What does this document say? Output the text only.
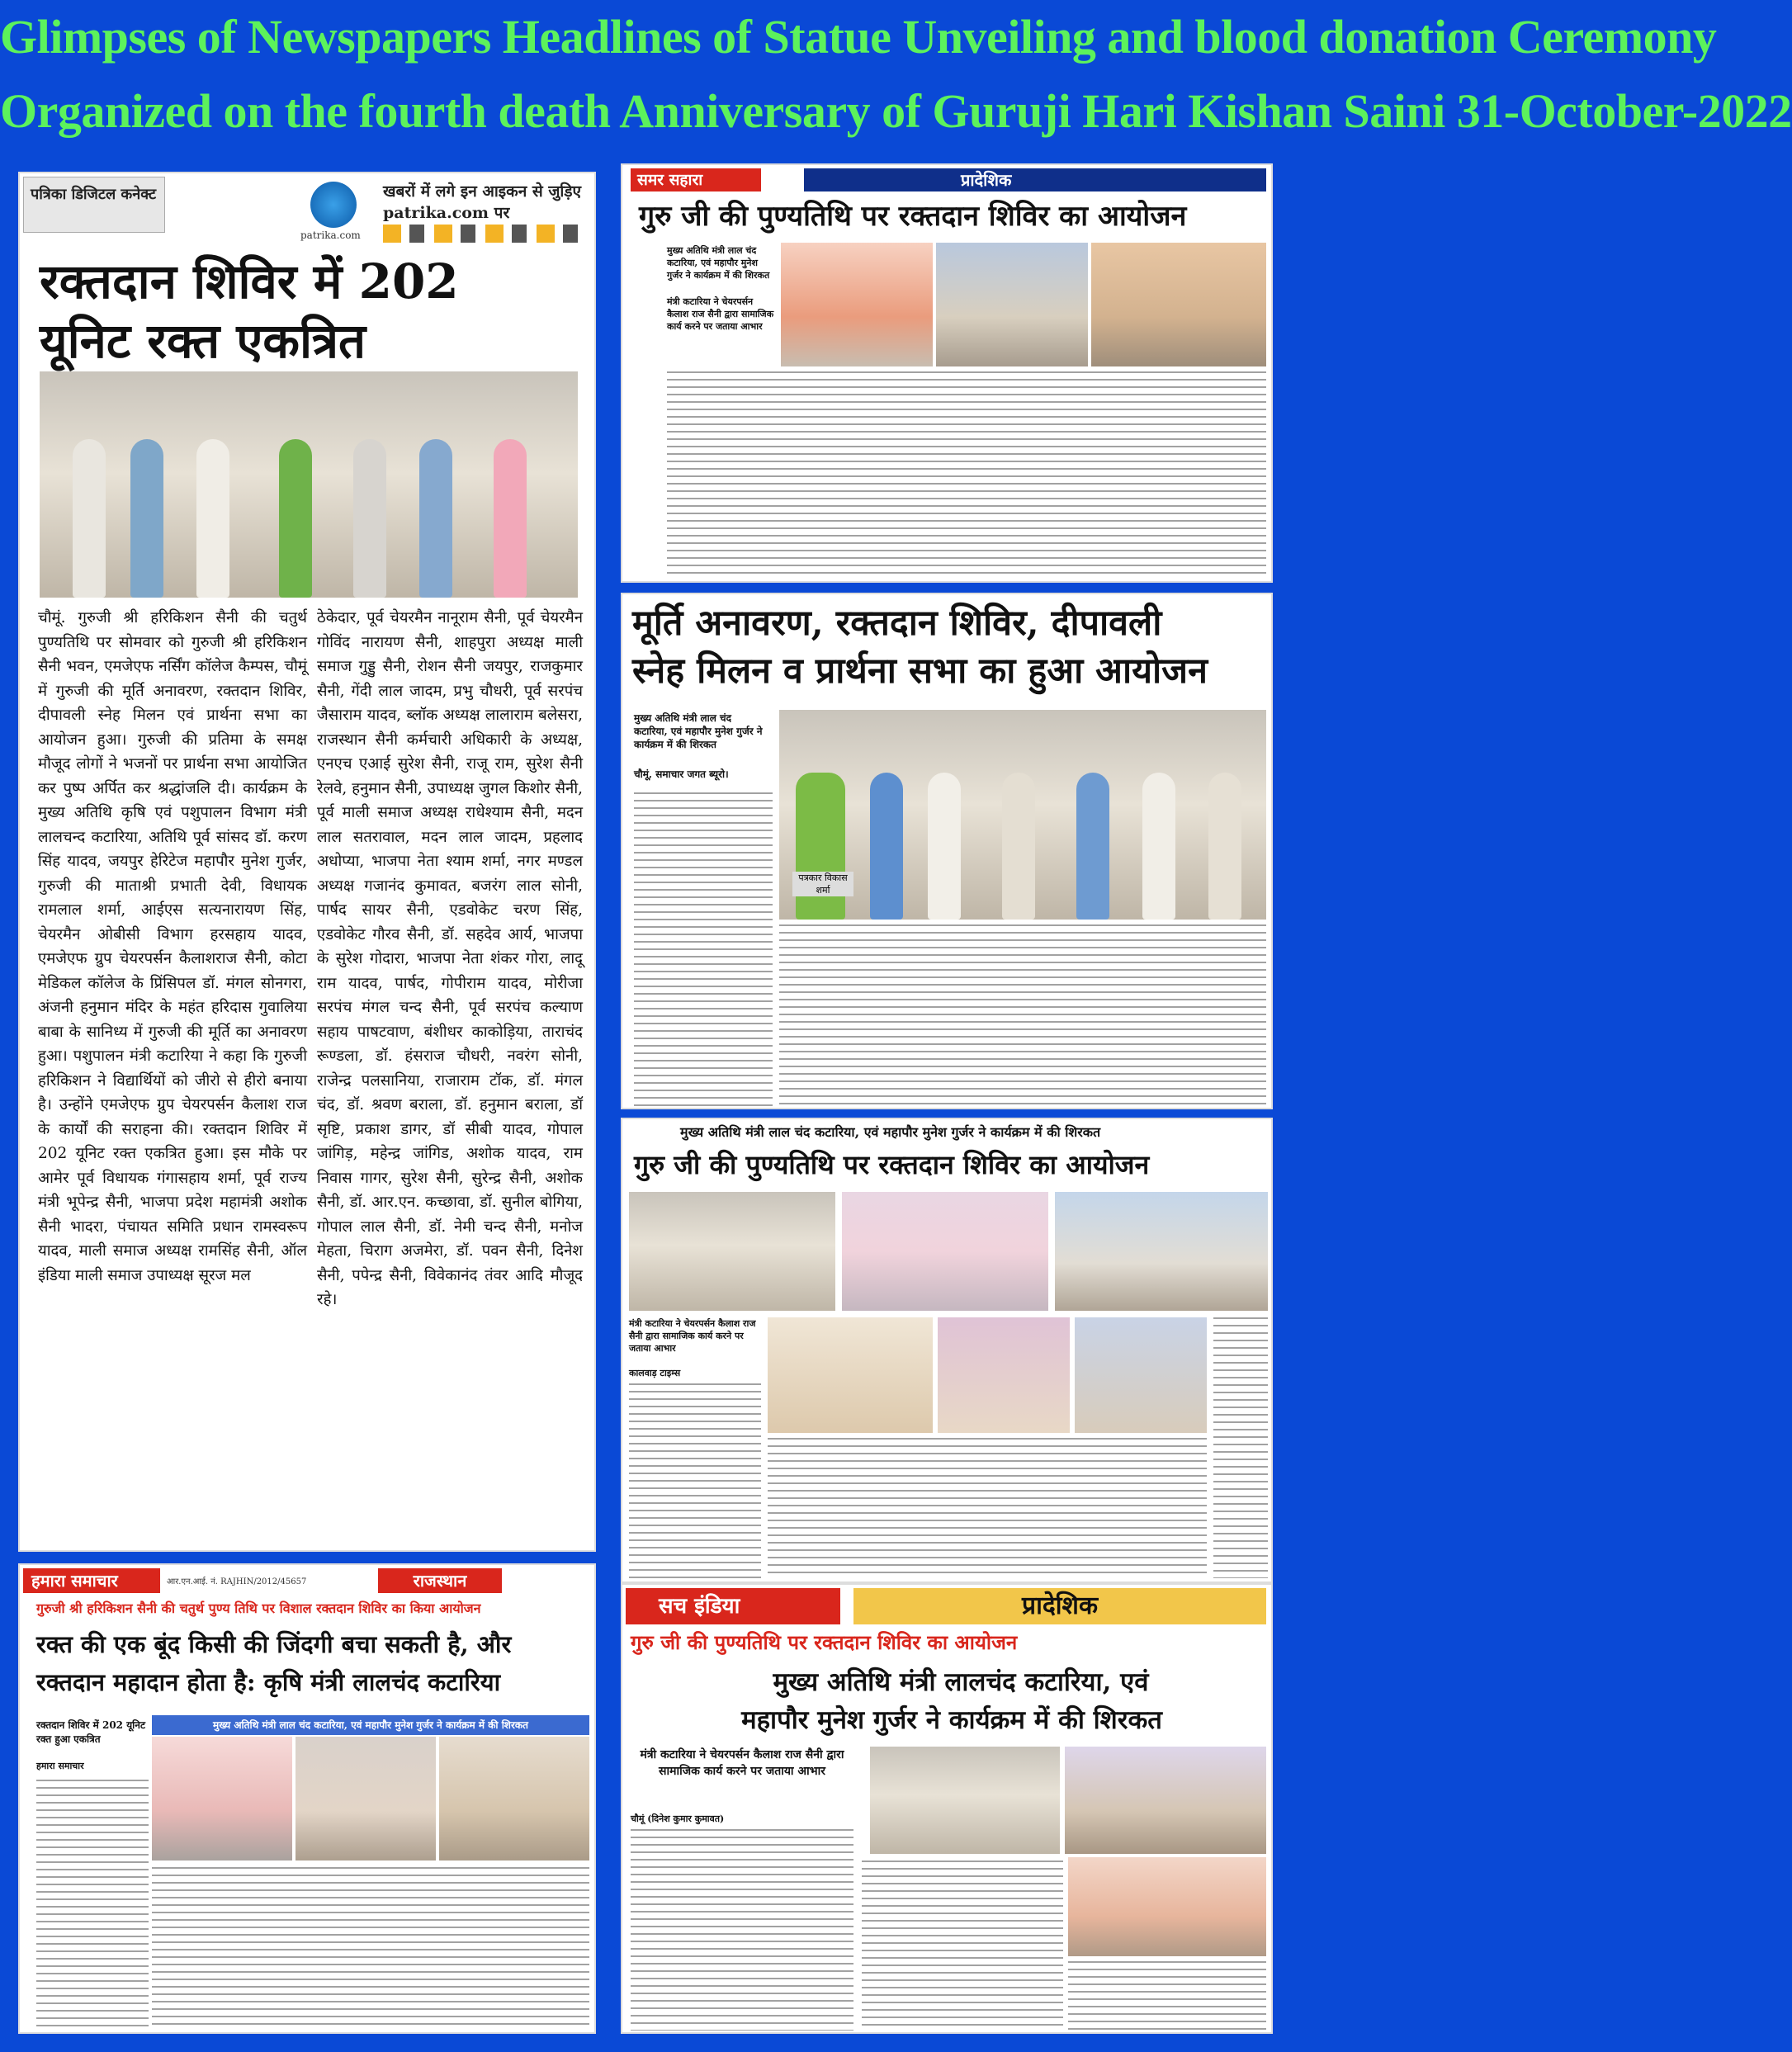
Glimpses of Newspapers Headlines of Statue Unveiling and blood donation Ceremony
Organized on the fourth death Anniversary of Guruji Hari Kishan Saini 31-October-2022
पत्रिका डिजिटल कनेक्ट
patrika.com
खबरों में लगे इन आइकन से जुड़िए
patrika.com पर
रक्तदान शिविर में 202
यूनिट रक्त एकत्रित
चौमूं. गुरुजी श्री हरिकिशन सैनी की चतुर्थ पुण्यतिथि पर सोमवार को गुरुजी श्री हरिकिशन सैनी भवन, एमजेएफ नर्सिंग कॉलेज कैम्पस, चौमूं में गुरुजी की मूर्ति अनावरण, रक्तदान शिविर, दीपावली स्नेह मिलन एवं प्रार्थना सभा का आयोजन हुआ। गुरुजी की प्रतिमा के समक्ष मौजूद लोगों ने भजनों पर प्रार्थना सभा आयोजित कर पुष्प अर्पित कर श्रद्धांजलि दी। कार्यक्रम के मुख्य अतिथि कृषि एवं पशुपालन विभाग मंत्री लालचन्द कटारिया, अतिथि पूर्व सांसद डॉ. करण सिंह यादव, जयपुर हेरिटेज महापौर मुनेश गुर्जर, गुरुजी की माताश्री प्रभाती देवी, विधायक रामलाल शर्मा, आईएस सत्यनारायण सिंह, चेयरमैन ओबीसी विभाग हरसहाय यादव, एमजेएफ ग्रुप चेयरपर्सन कैलाशराज सैनी, कोटा मेडिकल कॉलेज के प्रिंसिपल डॉ. मंगल सोनगरा, अंजनी हनुमान मंदिर के महंत हरिदास गुवालिया बाबा के सानिध्य में गुरुजी की मूर्ति का अनावरण हुआ। पशुपालन मंत्री कटारिया ने कहा कि गुरुजी हरिकिशन ने विद्यार्थियों को जीरो से हीरो बनाया है। उन्होंने एमजेएफ ग्रुप चेयरपर्सन कैलाश राज के कार्यों की सराहना की। रक्तदान शिविर में 202 यूनिट रक्त एकत्रित हुआ। इस मौके पर आमेर पूर्व विधायक गंगासहाय शर्मा, पूर्व राज्य मंत्री भूपेन्द्र सैनी, भाजपा प्रदेश महामंत्री अशोक सैनी भादरा, पंचायत समिति प्रधान रामस्वरूप यादव, माली समाज अध्यक्ष रामसिंह सैनी, ऑल इंडिया माली समाज उपाध्यक्ष सूरज मल
ठेकेदार, पूर्व चेयरमैन नानूराम सैनी, पूर्व चेयरमैन गोविंद नारायण सैनी, शाहपुरा अध्यक्ष माली समाज गुड्डु सैनी, रोशन सैनी जयपुर, राजकुमार सैनी, गेंदी लाल जादम, प्रभु चौधरी, पूर्व सरपंच जैसाराम यादव, ब्लॉक अध्यक्ष लालाराम बलेसरा, राजस्थान सैनी कर्मचारी अधिकारी के अध्यक्ष, एनएच एआई सुरेश सैनी, राजू राम, सुरेश सैनी रेलवे, हनुमान सैनी, उपाध्यक्ष जुगल किशोर सैनी, पूर्व माली समाज अध्यक्ष राधेश्याम सैनी, मदन लाल सतरावाल, मदन लाल जादम, प्रहलाद अधोप्या, भाजपा नेता श्याम शर्मा, नगर मण्डल अध्यक्ष गजानंद कुमावत, बजरंग लाल सोनी, पार्षद सायर सैनी, एडवोकेट चरण सिंह, एडवोकेट गौरव सैनी, डॉ. सहदेव आर्य, भाजपा के सुरेश गोदारा, भाजपा नेता शंकर गोरा, लादू राम यादव, पार्षद, गोपीराम यादव, मोरीजा सरपंच मंगल चन्द सैनी, पूर्व सरपंच कल्याण सहाय पाषटवाण, बंशीधर काकोड़िया, ताराचंद रूण्डला, डॉ. हंसराज चौधरी, नवरंग सोनी, राजेन्द्र पलसानिया, राजाराम टॉक, डॉ. मंगल चंद, डॉ. श्रवण बराला, डॉ. हनुमान बराला, डॉ सृष्टि, प्रकाश डागर, डॉ सीबी यादव, गोपाल जांगिड़, महेन्द्र जांगिड, अशोक यादव, राम निवास गागर, सुरेश सैनी, सुरेन्द्र सैनी, अशोक सैनी, डॉ. आर.एन. कच्छावा, डॉ. सुनील बोगिया, गोपाल लाल सैनी, डॉ. नेमी चन्द सैनी, मनोज मेहता, चिराग अजमेरा, डॉ. पवन सैनी, दिनेश सैनी, पपेन्द्र सैनी, विवेकानंद तंवर आदि मौजूद रहे।
समर सहारा	प्रादेशिक
गुरु जी की पुण्यतिथि पर रक्तदान शिविर का आयोजन
मुख्य अतिथि मंत्री लाल चंद कटारिया, एवं महापौर मुनेश गुर्जर ने कार्यक्रम में की शिरकत
मंत्री कटारिया ने चेयरपर्सन कैलाश राज सैनी द्वारा सामाजिक कार्य करने पर जताया आभार
मूर्ति अनावरण, रक्तदान शिविर, दीपावली
स्नेह मिलन व प्रार्थना सभा का हुआ आयोजन
मुख्य अतिथि मंत्री लाल चंद कटारिया, एवं महापौर मुनेश गुर्जर ने कार्यक्रम में की शिरकत
चौमूं, समाचार जगत ब्यूरो।
पत्रकार विकास शर्मा
मुख्य अतिथि मंत्री लाल चंद कटारिया, एवं महापौर मुनेश गुर्जर ने कार्यक्रम में की शिरकत
गुरु जी की पुण्यतिथि पर रक्तदान शिविर का आयोजन
मंत्री कटारिया ने चेयरपर्सन कैलाश राज सैनी द्वारा सामाजिक कार्य करने पर जताया आभार
कालवाड़ टाइम्स
हमारा समाचार	आर.एन.आई. नं. RAJHIN/2012/45657	राजस्थान
गुरुजी श्री हरिकिशन सैनी की चतुर्थ पुण्य तिथि पर विशाल रक्तदान शिविर का किया आयोजन
रक्त की एक बूंद किसी की जिंदगी बचा सकती है, और
रक्तदान महादान होता है: कृषि मंत्री लालचंद कटारिया
रक्तदान शिविर में 202 यूनिट रक्त हुआ एकत्रित
हमारा समाचार
मुख्य अतिथि मंत्री लाल चंद कटारिया, एवं महापौर मुनेश गुर्जर ने कार्यक्रम में की शिरकत
सच इंडिया	प्रादेशिक
गुरु जी की पुण्यतिथि पर रक्तदान शिविर का आयोजन
मुख्य अतिथि मंत्री लालचंद कटारिया, एवं
महापौर मुनेश गुर्जर ने कार्यक्रम में की शिरकत
मंत्री कटारिया ने चेयरपर्सन कैलाश राज सैनी द्वारा सामाजिक कार्य करने पर जताया आभार
चौमूं (दिनेश कुमार कुमावत)
